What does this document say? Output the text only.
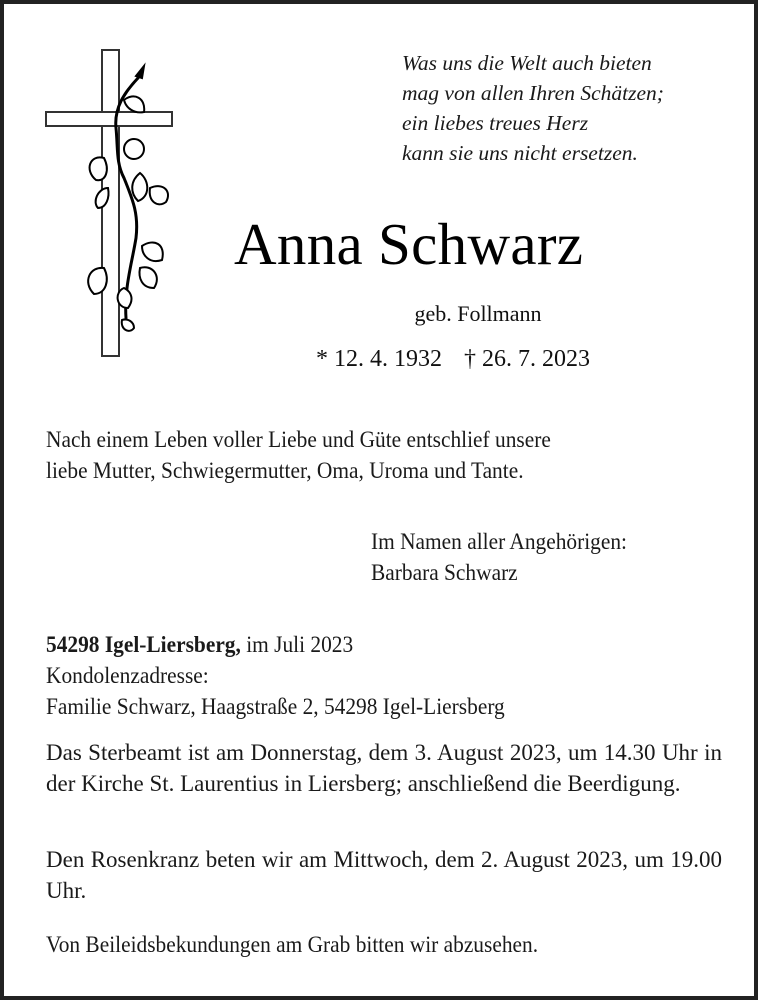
Was uns die Welt auch bieten
mag von allen Ihren Schätzen;
ein liebes treues Herz
kann sie uns nicht ersetzen.
Anna Schwarz
geb. Follmann
* 12. 4. 1932 † 26. 7. 2023
Nach einem Leben voller Liebe und Güte entschlief unsere
liebe Mutter, Schwiegermutter, Oma, Uroma und Tante.
Im Namen aller Angehörigen:
Barbara Schwarz
54298 Igel-Liersberg, im Juli 2023
Kondolenzadresse:
Familie Schwarz, Haagstraße 2, 54298 Igel-Liersberg
Das Sterbeamt ist am Donnerstag, dem 3. August 2023, um 14.30 Uhr in der Kirche St. Laurentius in Liersberg; anschließend die Beerdigung.
Den Rosenkranz beten wir am Mittwoch, dem 2. August 2023, um 19.00 Uhr.
Von Beileidsbekundungen am Grab bitten wir abzusehen.
